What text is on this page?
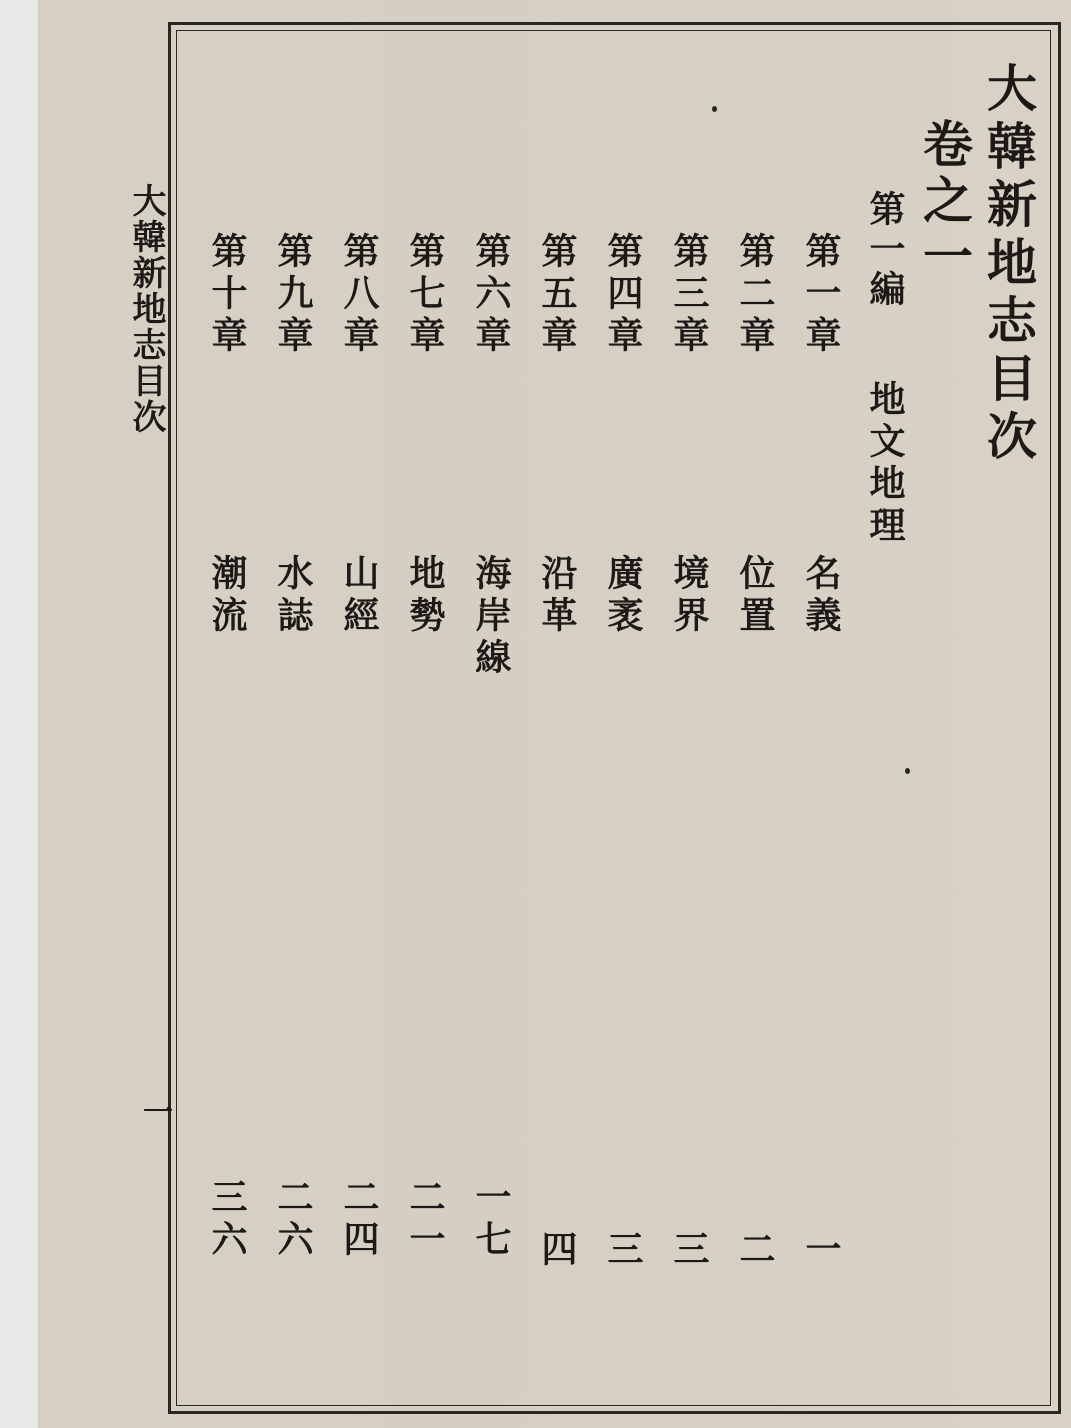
大韓新地志目次
一
大韓新地志目次
卷之一
第一編
地文地理
第一章
名義
一
第二章
位置
二
第三章
境界
三
第四章
廣袤
三
第五章
沿革
四
第六章
海岸線
一七
第七章
地勢
二一
第八章
山經
二四
第九章
水誌
二六
第十章
潮流
三六
